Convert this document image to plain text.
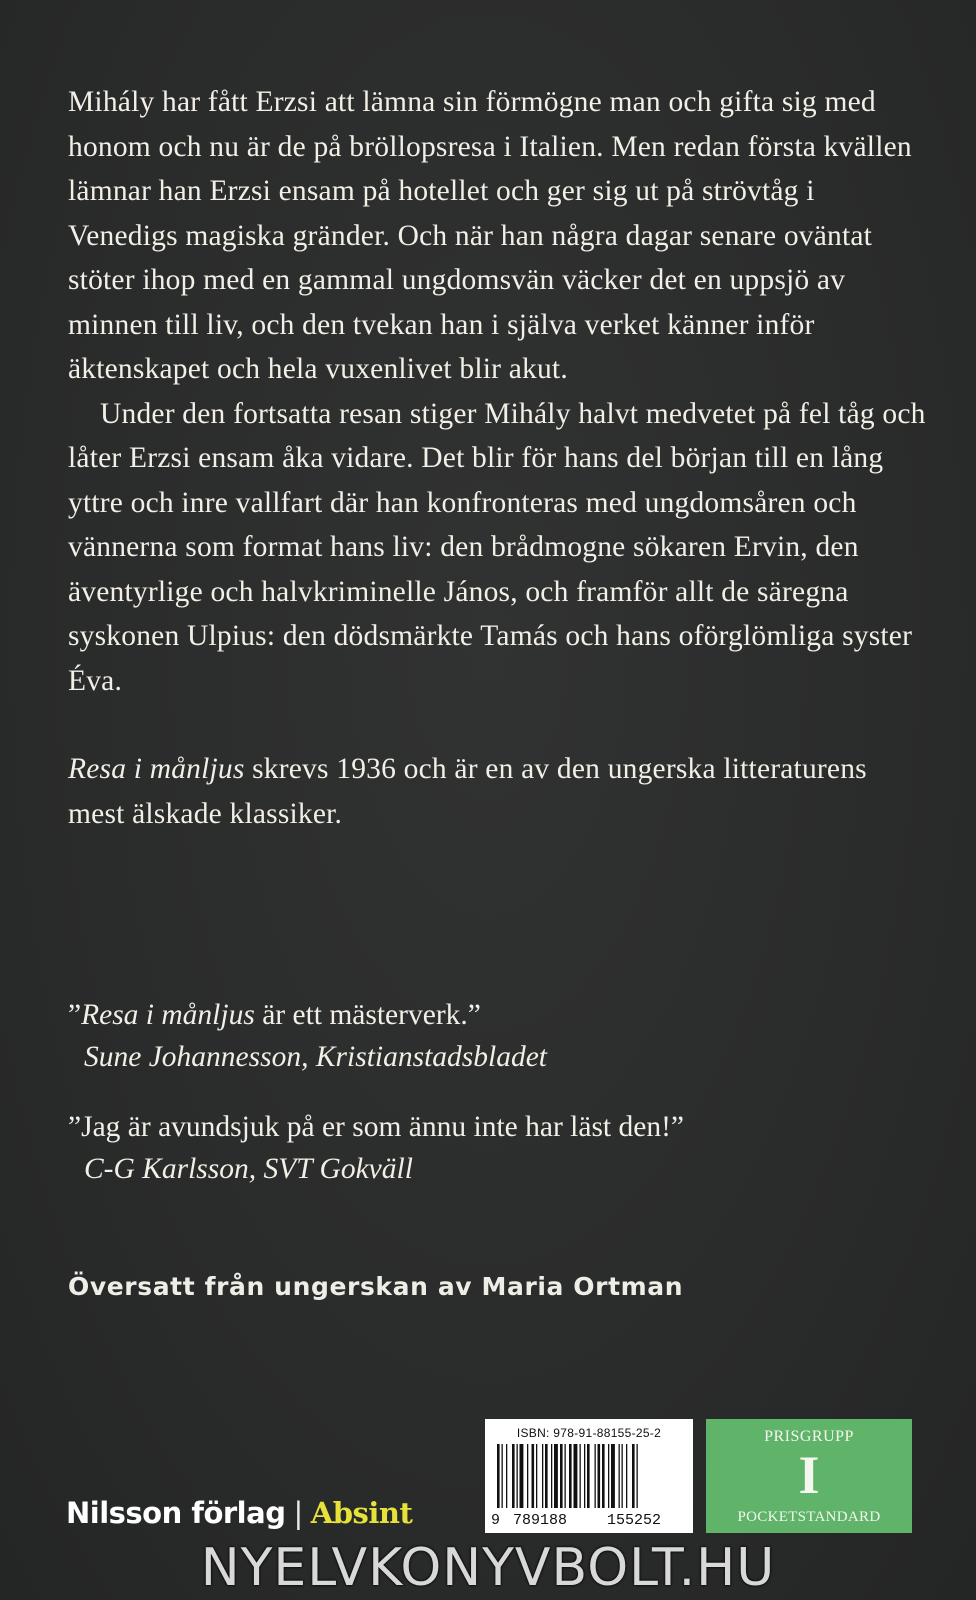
Mihály har fått Erzsi att lämna sin förmögne man och gifta sig med honom och nu är de på bröllopsresa i Italien. Men redan första kvällen lämnar han Erzsi ensam på hotellet och ger sig ut på strövtåg i Venedigs magiska gränder. Och när han några dagar senare oväntat stöter ihop med en gammal ungdomsvän väcker det en uppsjö av minnen till liv, och den tvekan han i själva verket känner inför äktenskapet och hela vuxenlivet blir akut.

Under den fortsatta resan stiger Mihály halvt medvetet på fel tåg och låter Erzsi ensam åka vidare. Det blir för hans del början till en lång yttre och inre vallfart där han konfronteras med ungdomsåren och vännerna som format hans liv: den brådmogne sökaren Ervin, den äventyrlige och halvkriminelle János, och framför allt de säregna syskonen Ulpius: den dödsmärkte Tamás och hans oförglömliga syster Éva.

Resa i månljus skrevs 1936 och är en av den ungerska litteraturens mest älskade klassiker.

”Resa i månljus är ett mästerverk.”
Sune Johannesson, Kristianstadsbladet
”Jag är avundsjuk på er som ännu inte har läst den!”
C-G Karlsson, SVT Gokväll
Översatt från ungerskan av Maria Ortman
Nilsson förlag | Absint
ISBN: 978-91-88155-25-2
9 789188	155252
PRISGRUPP
I
POCKETSTANDARD
NYELVKONYVBOLT.HU
